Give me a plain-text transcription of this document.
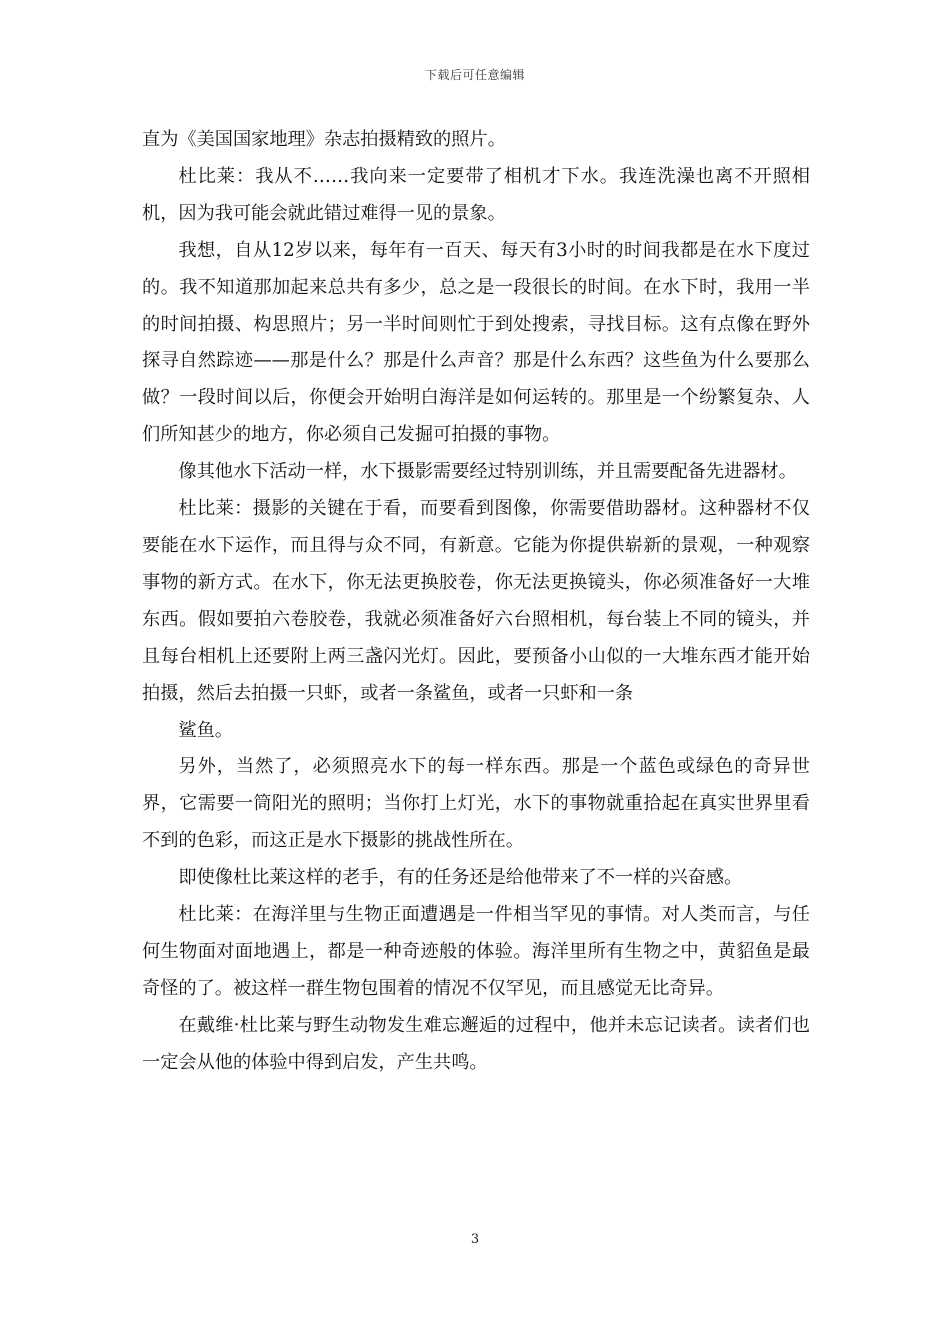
下载后可任意编辑

直为《美国国家地理》杂志拍摄精致的照片。

杜比莱：我从不……我向来一定要带了相机才下水。我连洗澡也离不开照相机，因为我可能会就此错过难得一见的景象。

我想，自从12岁以来，每年有一百天、每天有3小时的时间我都是在水下度过的。我不知道那加起来总共有多少，总之是一段很长的时间。在水下时，我用一半的时间拍摄、构思照片；另一半时间则忙于到处搜索，寻找目标。这有点像在野外探寻自然踪迹——那是什么？那是什么声音？那是什么东西？这些鱼为什么要那么做？一段时间以后，你便会开始明白海洋是如何运转的。那里是一个纷繁复杂、人们所知甚少的地方，你必须自己发掘可拍摄的事物。

像其他水下活动一样，水下摄影需要经过特别训练，并且需要配备先进器材。

杜比莱：摄影的关键在于看，而要看到图像，你需要借助器材。这种器材不仅要能在水下运作，而且得与众不同，有新意。它能为你提供崭新的景观，一种观察事物的新方式。在水下，你无法更换胶卷，你无法更换镜头，你必须准备好一大堆东西。假如要拍六卷胶卷，我就必须准备好六台照相机，每台装上不同的镜头，并且每台相机上还要附上两三盏闪光灯。因此，要预备小山似的一大堆东西才能开始拍摄，然后去拍摄一只虾，或者一条鲨鱼，或者一只虾和一条

鲨鱼。

另外，当然了，必须照亮水下的每一样东西。那是一个蓝色或绿色的奇异世界，它需要一筒阳光的照明；当你打上灯光，水下的事物就重拾起在真实世界里看不到的色彩，而这正是水下摄影的挑战性所在。

即使像杜比莱这样的老手，有的任务还是给他带来了不一样的兴奋感。

杜比莱：在海洋里与生物正面遭遇是一件相当罕见的事情。对人类而言，与任何生物面对面地遇上，都是一种奇迹般的体验。海洋里所有生物之中，黄貂鱼是最奇怪的了。被这样一群生物包围着的情况不仅罕见，而且感觉无比奇异。

在戴维·杜比莱与野生动物发生难忘邂逅的过程中，他并未忘记读者。读者们也一定会从他的体验中得到启发，产生共鸣。

3
